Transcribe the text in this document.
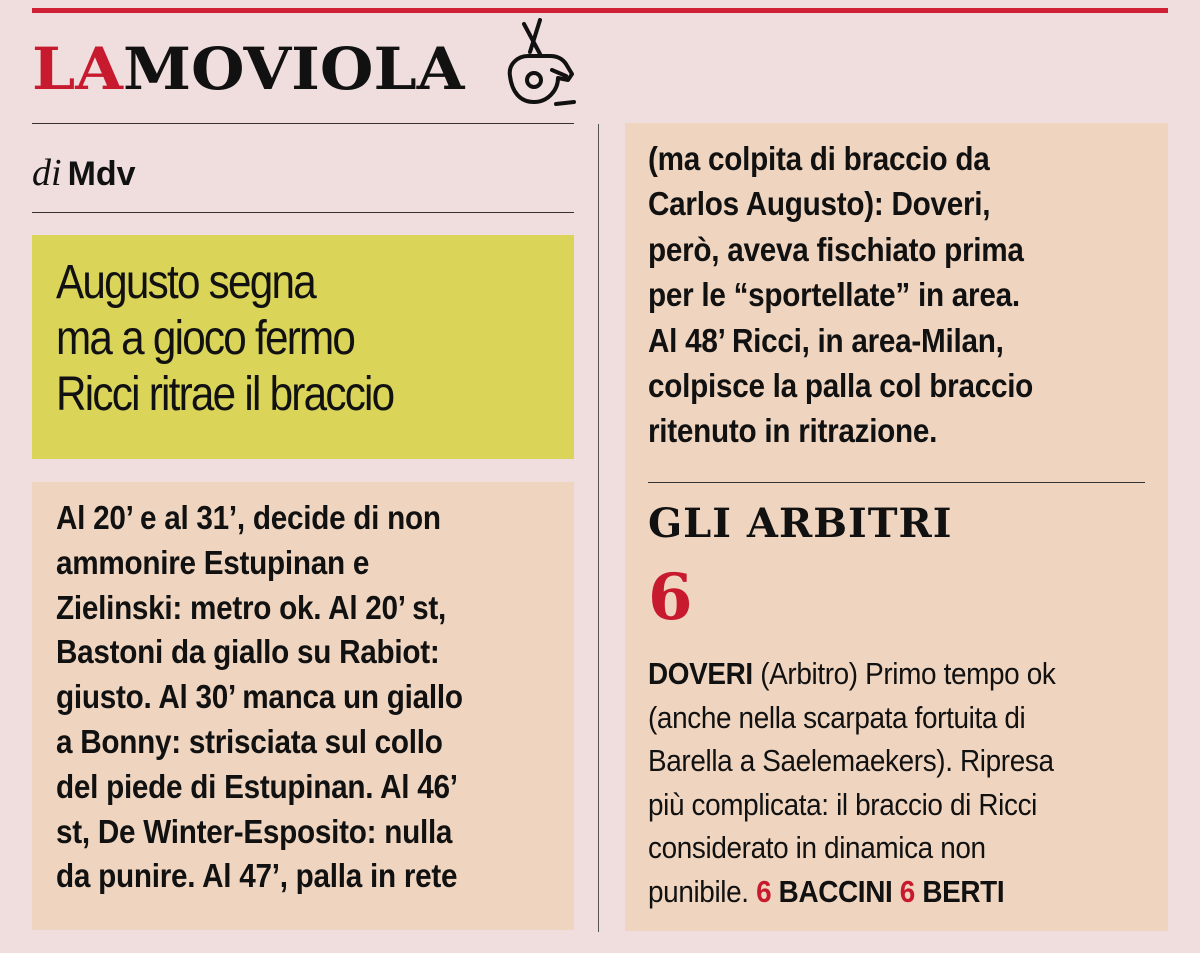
LAMOVIOLA
di Mdv
Augusto segna
ma a gioco fermo
Ricci ritrae il braccio
Al 20’ e al 31’, decide di non
ammonire Estupinan e
Zielinski: metro ok. Al 20’ st,
Bastoni da giallo su Rabiot:
giusto. Al 30’ manca un giallo
a Bonny: strisciata sul collo
del piede di Estupinan. Al 46’
st, De Winter-Esposito: nulla
da punire. Al 47’, palla in rete
(ma colpita di braccio da
Carlos Augusto): Doveri,
però, aveva fischiato prima
per le “sportellate” in area.
Al 48’ Ricci, in area-Milan,
colpisce la palla col braccio
ritenuto in ritrazione.
GLI ARBITRI
6
DOVERI (Arbitro) Primo tempo ok
(anche nella scarpata fortuita di
Barella a Saelemaekers). Ripresa
più complicata: il braccio di Ricci
considerato in dinamica non
punibile. 6 BACCINI 6 BERTI
